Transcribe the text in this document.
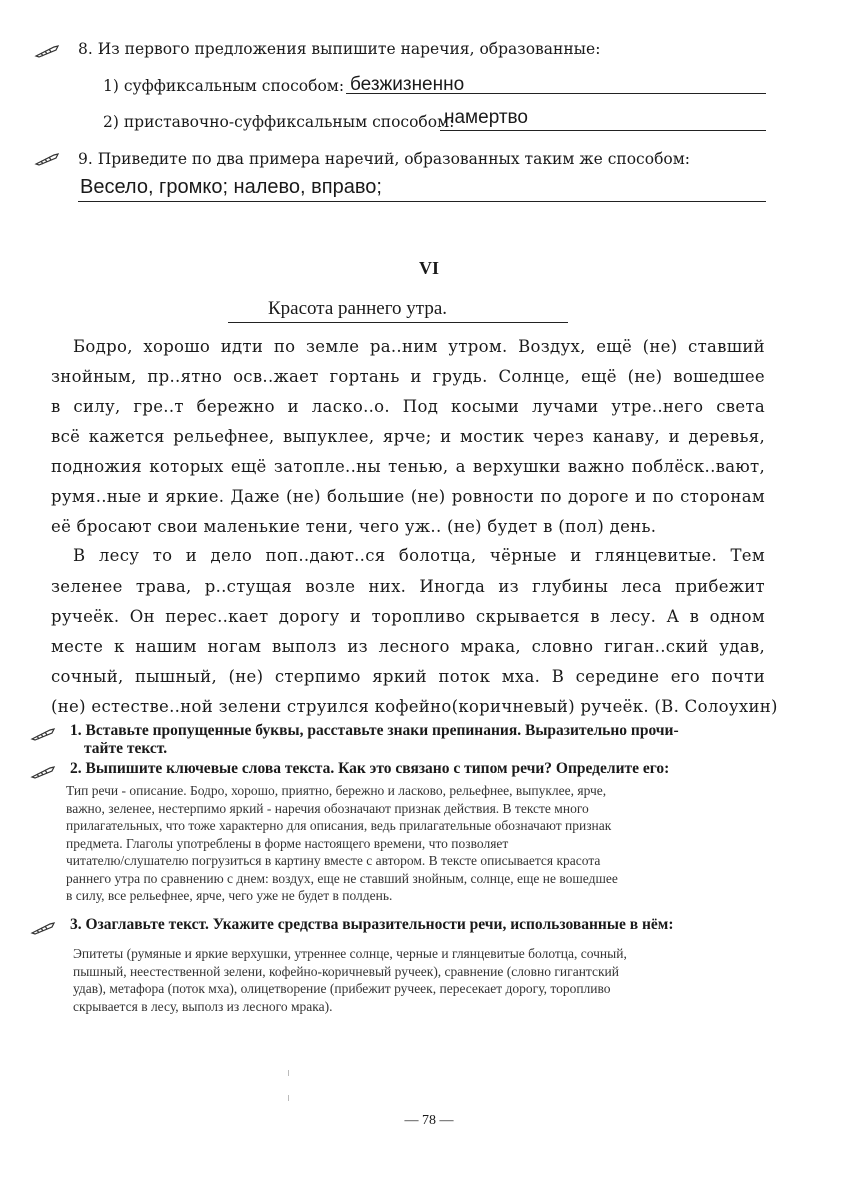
8. Из первого предложения выпишите наречия, образованные:
1) суффиксальным способом: безжизненно
2) приставочно-суффиксальным способом:
намертво
9. Приведите по два примера наречий, образованных таким же способом:
Весело, громко; налево, вправо;
VI
Красота раннего утра.
Бодро, хорошо идти по земле ра..ним утром. Воздух, ещё (не) ставший
знойным, пр..ятно осв..жает гортань и грудь. Солнце, ещё (не) вошедшее
в силу, гре..т бережно и ласко..о. Под косыми лучами утре..него света
всё кажется рельефнее, выпуклее, ярче; и мостик через канаву, и деревья,
подножия которых ещё затопле..ны тенью, а верхушки важно поблёск..вают,
румя..ные и яркие. Даже (не) большие (не) ровности по дороге и по сторонам
её бросают свои маленькие тени, чего уж.. (не) будет в (пол) день.
В лесу то и дело поп..дают..ся болотца, чёрные и глянцевитые. Тем
зеленее трава, р..стущая возле них. Иногда из глубины леса прибежит
ручеёк. Он перес..кает дорогу и торопливо скрывается в лесу. А в одном
месте к нашим ногам выполз из лесного мрака, словно гиган..ский удав,
сочный, пышный, (не) стерпимо яркий поток мха. В середине его почти
(не) естестве..ной зелени струился кофейно(коричневый) ручеёк. (В. Солоухин)
1. Вставьте пропущенные буквы, расставьте знаки препинания. Выразительно прочи-
тайте текст.
2. Выпишите ключевые слова текста. Как это связано с типом речи? Определите его:
Тип речи - описание. Бодро, хорошо, приятно, бережно и ласково, рельефнее, выпуклее, ярче,
важно, зеленее, нестерпимо яркий - наречия обозначают признак действия. В тексте много
прилагательных, что тоже характерно для описания, ведь прилагательные обозначают признак
предмета. Глаголы употреблены в форме настоящего времени, что позволяет
читателю/слушателю погрузиться в картину вместе с автором. В тексте описывается красота
раннего утра по сравнению с днем: воздух, еще не ставший знойным, солнце, еще не вошедшее
в силу, все рельефнее, ярче, чего уже не будет в полдень.
3. Озаглавьте текст. Укажите средства выразительности речи, использованные в нём:
Эпитеты (румяные и яркие верхушки, утреннее солнце, черные и глянцевитые болотца, сочный,
пышный, неестественной зелени, кофейно-коричневый ручеек), сравнение (словно гигантский
удав), метафора (поток мха), олицетворение (прибежит ручеек, пересекает дорогу, торопливо
скрывается в лесу, выполз из лесного мрака).
— 78 —
